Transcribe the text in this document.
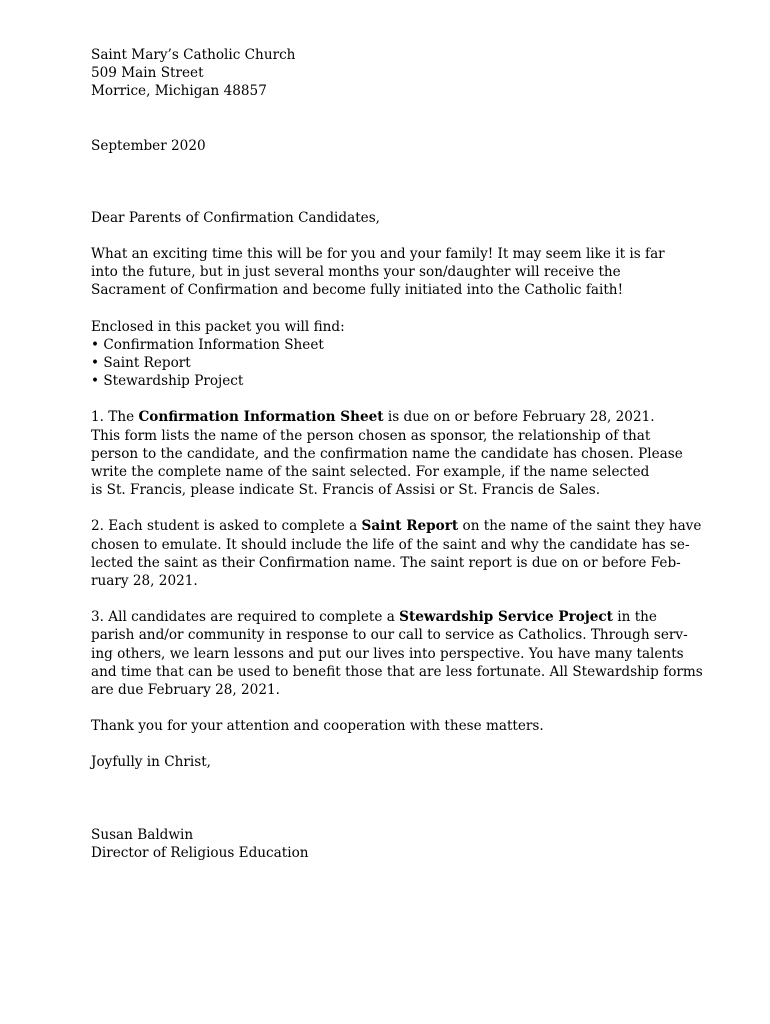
Saint Mary’s Catholic Church
509 Main Street
Morrice, Michigan 48857
September 2020
Dear Parents of Confirmation Candidates,
What an exciting time this will be for you and your family! It may seem like it is far
into the future, but in just several months your son/daughter will receive the
Sacrament of Confirmation and become fully initiated into the Catholic faith!
Enclosed in this packet you will find:
• Confirmation Information Sheet
• Saint Report
• Stewardship Project
1. The Confirmation Information Sheet is due on or before February 28, 2021.
This form lists the name of the person chosen as sponsor, the relationship of that
person to the candidate, and the confirmation name the candidate has chosen. Please
write the complete name of the saint selected. For example, if the name selected
is St. Francis, please indicate St. Francis of Assisi or St. Francis de Sales.
2. Each student is asked to complete a Saint Report on the name of the saint they have
chosen to emulate. It should include the life of the saint and why the candidate has se-
lected the saint as their Confirmation name. The saint report is due on or before Feb-
ruary 28, 2021.
3. All candidates are required to complete a Stewardship Service Project in the
parish and/or community in response to our call to service as Catholics. Through serv-
ing others, we learn lessons and put our lives into perspective. You have many talents
and time that can be used to benefit those that are less fortunate. All Stewardship forms
are due February 28, 2021.
Thank you for your attention and cooperation with these matters.
Joyfully in Christ,
Susan Baldwin
Director of Religious Education
